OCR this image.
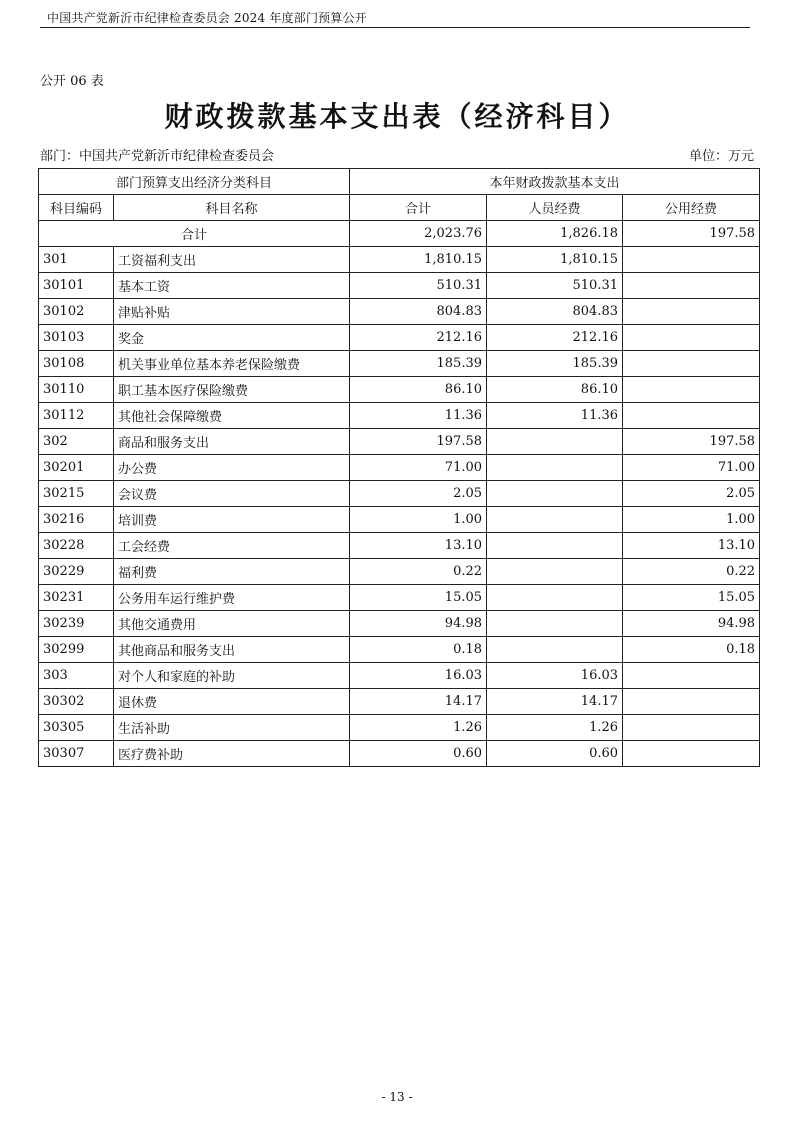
中国共产党新沂市纪律检查委员会 2024 年度部门预算公开
公开 06 表
财政拨款基本支出表（经济科目）
部门：中国共产党新沂市纪律检查委员会	单位：万元
部门预算支出经济分类科目		本年财政拨款基本支出		
科目编码	科目名称	合计	人员经费	公用经费
合计		2,023.76	1,826.18	197.58
301	工资福利支出	1,810.15	1,810.15	
30101	基本工资	510.31	510.31	
30102	津贴补贴	804.83	804.83	
30103	奖金	212.16	212.16	
30108	机关事业单位基本养老保险缴费	185.39	185.39	
30110	职工基本医疗保险缴费	86.10	86.10	
30112	其他社会保障缴费	11.36	11.36	
302	商品和服务支出	197.58		197.58
30201	办公费	71.00		71.00
30215	会议费	2.05		2.05
30216	培训费	1.00		1.00
30228	工会经费	13.10		13.10
30229	福利费	0.22		0.22
30231	公务用车运行维护费	15.05		15.05
30239	其他交通费用	94.98		94.98
30299	其他商品和服务支出	0.18		0.18
303	对个人和家庭的补助	16.03	16.03	
30302	退休费	14.17	14.17	
30305	生活补助	1.26	1.26	
30307	医疗费补助	0.60	0.60	
- 13 -
